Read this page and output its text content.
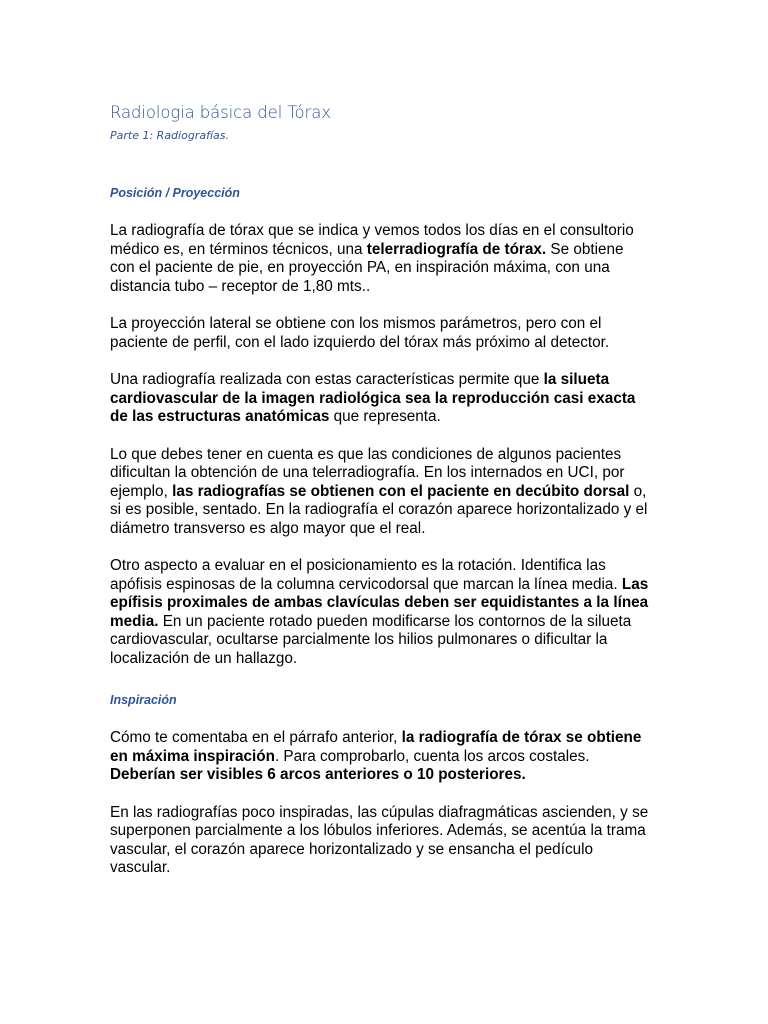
Radiologia básica del Tórax

Parte 1: Radiografías.

Posición / Proyección

La radiografía de tórax que se indica y vemos todos los días en el consultorio médico es, en términos técnicos, una telerradiografía de tórax. Se obtiene con el paciente de pie, en proyección PA, en inspiración máxima, con una distancia tubo – receptor de 1,80 mts..

La proyección lateral se obtiene con los mismos parámetros, pero con el paciente de perfil, con el lado izquierdo del tórax más próximo al detector.

Una radiografía realizada con estas características permite que la silueta cardiovascular de la imagen radiológica sea la reproducción casi exacta de las estructuras anatómicas que representa.

Lo que debes tener en cuenta es que las condiciones de algunos pacientes dificultan la obtención de una telerradiografía. En los internados en UCI, por ejemplo, las radiografías se obtienen con el paciente en decúbito dorsal o, si es posible, sentado. En la radiografía el corazón aparece horizontalizado y el diámetro transverso es algo mayor que el real.

Otro aspecto a evaluar en el posicionamiento es la rotación. Identifica las apófisis espinosas de la columna cervicodorsal que marcan la línea media. Las epífisis proximales de ambas clavículas deben ser equidistantes a la línea media. En un paciente rotado pueden modificarse los contornos de la silueta cardiovascular, ocultarse parcialmente los hilios pulmonares o dificultar la localización de un hallazgo.

Inspiración

Cómo te comentaba en el párrafo anterior, la radiografía de tórax se obtiene en máxima inspiración. Para comprobarlo, cuenta los arcos costales. Deberían ser visibles 6 arcos anteriores o 10 posteriores.

En las radiografías poco inspiradas, las cúpulas diafragmáticas ascienden, y se superponen parcialmente a los lóbulos inferiores. Además, se acentúa la trama vascular, el corazón aparece horizontalizado y se ensancha el pedículo vascular.
